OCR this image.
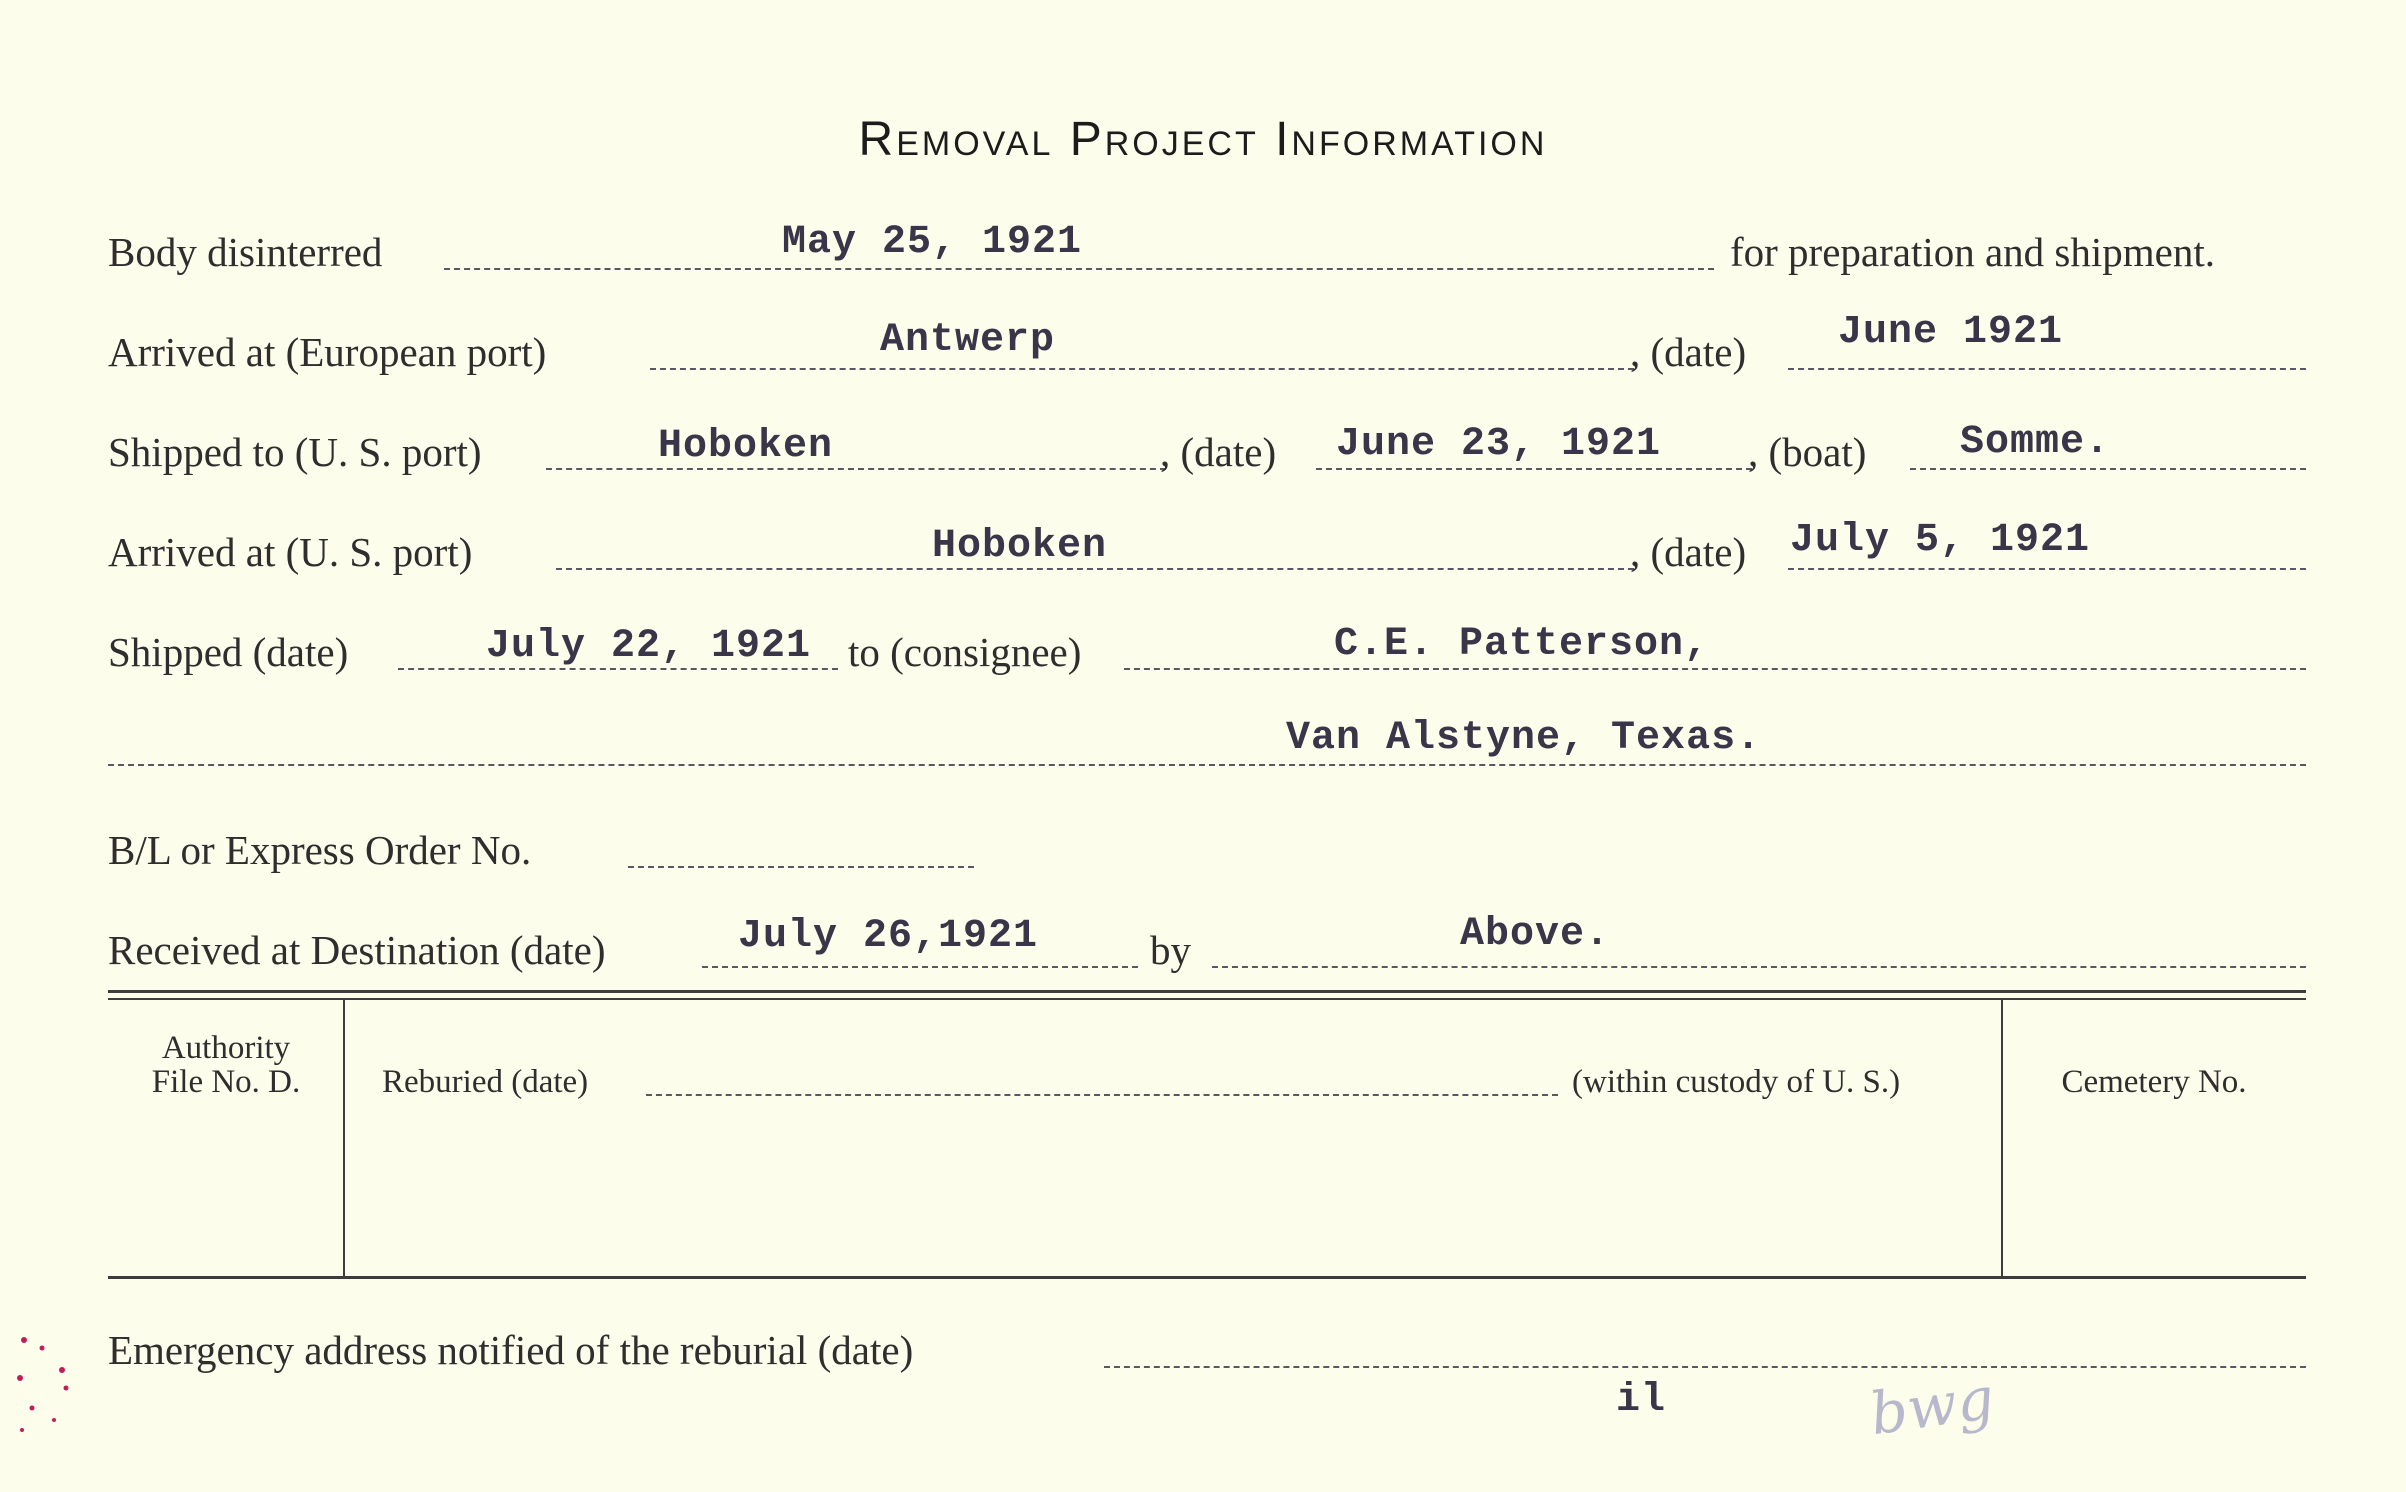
Removal Project Information
Body disinterred	May 25, 1921	for preparation and shipment.
Arrived at (European port)	Antwerp	, (date) June 1921
Shipped to (U. S. port)	Hoboken	, (date) June 23, 1921 , (boat) Somme.
Arrived at (U. S. port)	Hoboken	, (date) July 5, 1921
Shipped (date)	July 22, 1921 to (consignee)	C.E. Patterson,
Van Alstyne, Texas.
B/L or Express Order No.
Received at Destination (date)	July 26,1921	by	Above.
Authority
File No. D.	Reburied (date)	(within custody of U. S.)	Cemetery No.
Emergency address notified of the reburial (date)
il	bwg
